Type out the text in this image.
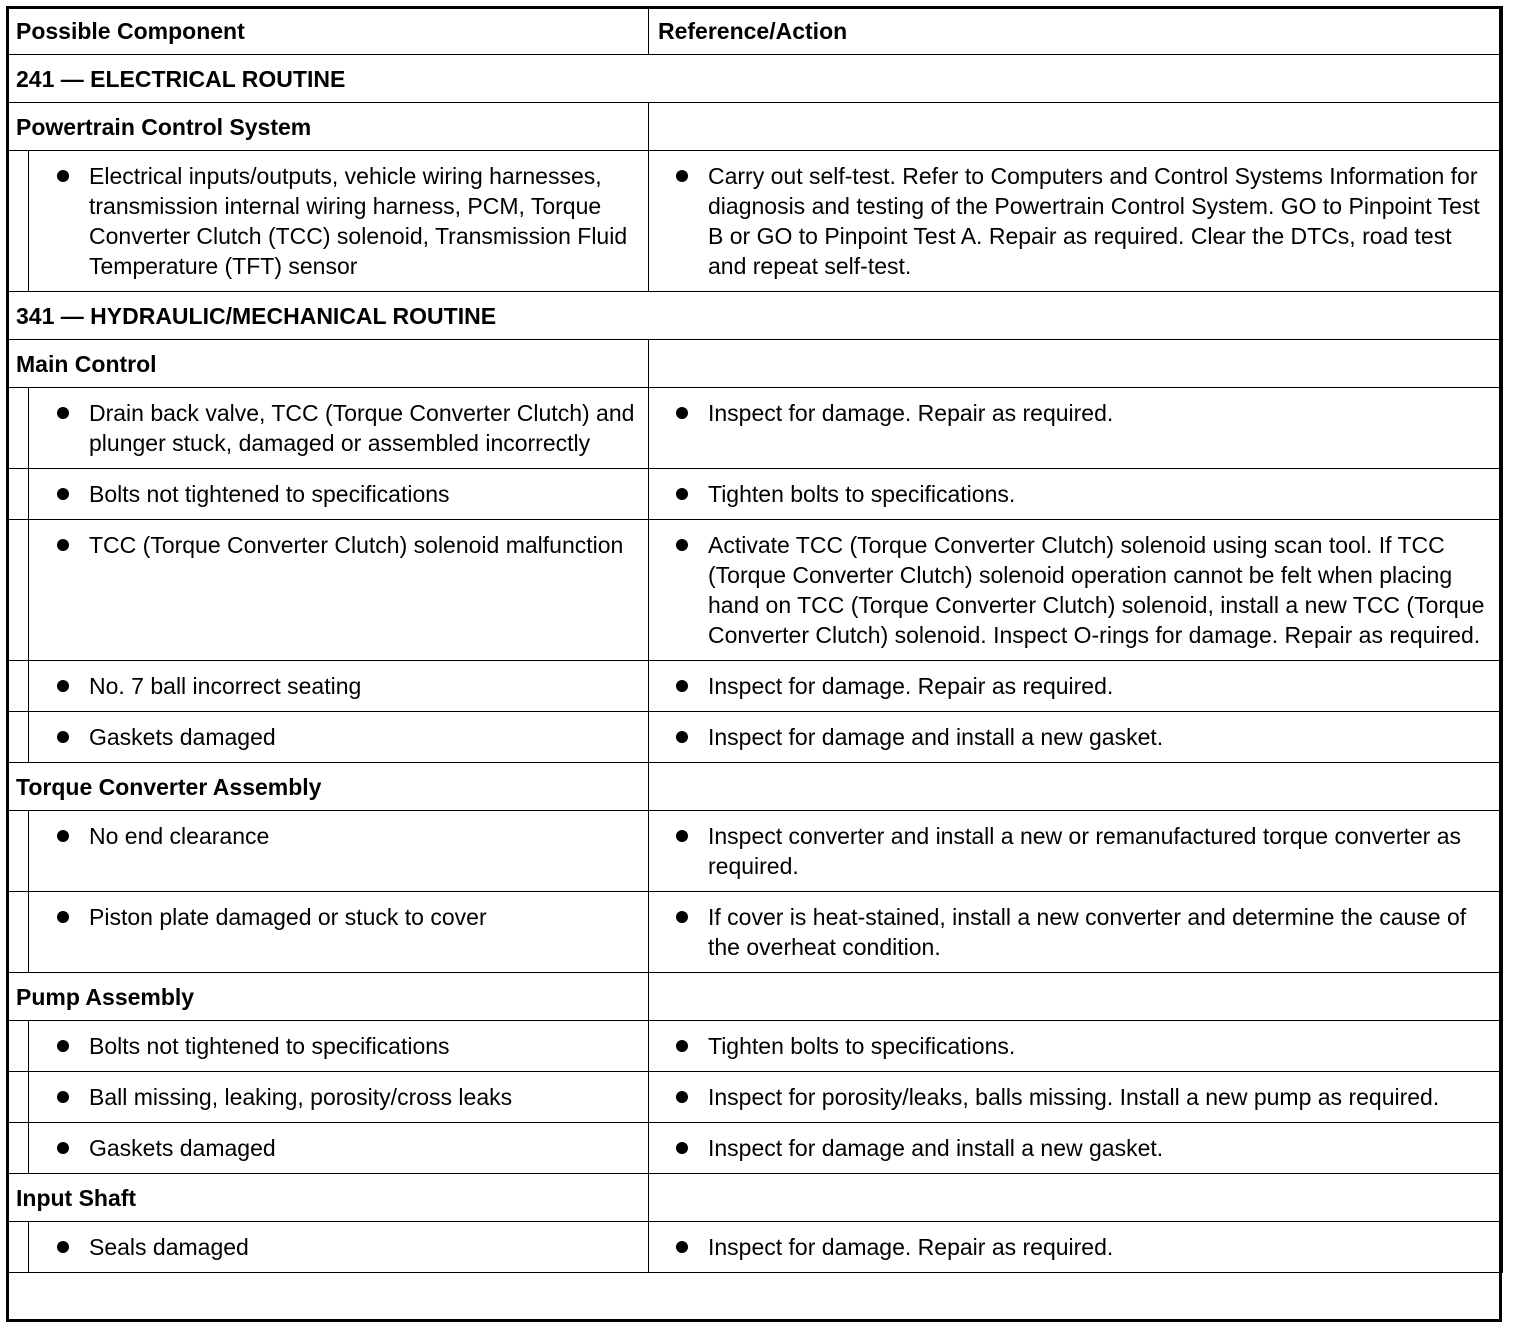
Possible Component		Reference/Action
241 — ELECTRICAL ROUTINE		
Powertrain Control System		

	Electrical inputs/outputs, vehicle wiring harnesses, transmission internal wiring harness, PCM, Torque Converter Clutch (TCC) solenoid, Transmission Fluid Temperature (TFT) sensor	Carry out self-test. Refer to Computers and Control Systems Information for diagnosis and testing of the Powertrain Control System. GO to Pinpoint Test B or GO to Pinpoint Test A. Repair as required. Clear the DTCs, road test and repeat self-test.

341 — HYDRAULIC/MECHANICAL ROUTINE		
Main Control		

	Drain back valve, TCC (Torque Converter Clutch) and plunger stuck, damaged or assembled incorrectly	Inspect for damage. Repair as required.

	Bolts not tightened to specifications	Tighten bolts to specifications.

	TCC (Torque Converter Clutch) solenoid malfunction	Activate TCC (Torque Converter Clutch) solenoid using scan tool. If TCC (Torque Converter Clutch) solenoid operation cannot be felt when placing hand on TCC (Torque Converter Clutch) solenoid, install a new TCC (Torque Converter Clutch) solenoid. Inspect O-rings for damage. Repair as required.

	No. 7 ball incorrect seating	Inspect for damage. Repair as required.

	Gaskets damaged	Inspect for damage and install a new gasket.

Torque Converter Assembly		

	No end clearance	Inspect converter and install a new or remanufactured torque converter as required.

	Piston plate damaged or stuck to cover	If cover is heat-stained, install a new converter and determine the cause of the overheat condition.

Pump Assembly		

	Bolts not tightened to specifications	Tighten bolts to specifications.

	Ball missing, leaking, porosity/cross leaks	Inspect for porosity/leaks, balls missing. Install a new pump as required.

	Gaskets damaged	Inspect for damage and install a new gasket.

Input Shaft		

	Seals damaged	Inspect for damage. Repair as required.
